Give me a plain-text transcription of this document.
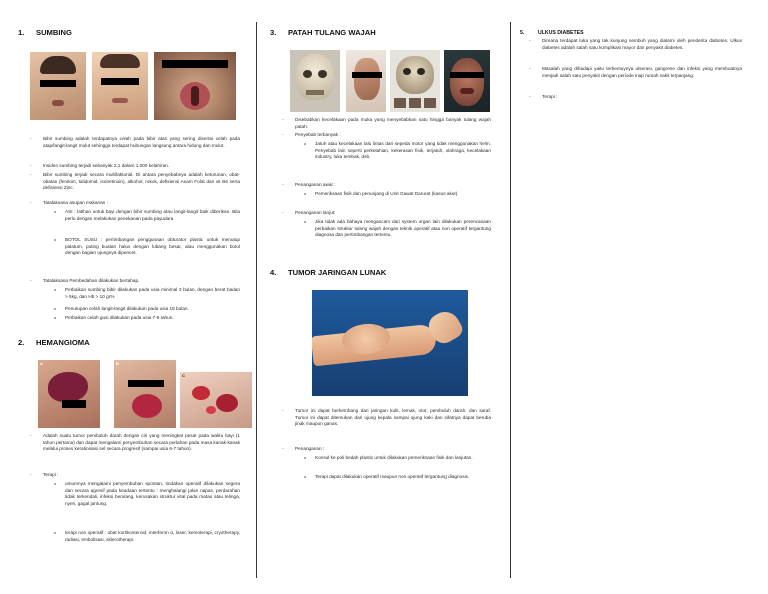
1. SUMBING
- Bibir sumbing adalah terdapatnya celah pada bibir atas yang sering disertai celah pada atap/langit-langit mulut sehingga terdapat hubungan langsung antara hidung dan mulut.
- Insiden sumbing terjadi sebanyak 2,1 dalam 1.000 kelahiran.
- Bibir sumbing terjadi secara multifaktorial. Di antara penyebabnya adalah keturunan, obat-obatan (fenitoin, talidomid, isotretinoin), alkohol, rokok, defisiensi Asam Folat dan vit B6 serta defisiensi Zinc.
- Tatalaksana asupan makanan :
o ASI : latihan untuk bayi dengan bibir sumbing atau langit-langit baik diberikan. Bila perlu dengan melakukan penekanan pada payudara
o BOTOL SUSU : pertimbangan penggunaan obturator plastic untuk menutup palatum, puting buatan halus dengan lubang besar, atau menggunakan botol dengan bagian ujungnya dipencet.
- Tatalaksana Pembedahan dilakukan bertahap.
o Perbaikan sumbing bibir dilakukan pada usia minimal 3 bulan, dengan berat badan > 5kg, dan Hb > 10 gr%
o Penutupan celah langit-langit dilakukan pada usia 18 bulan.
o Perbaikan celah gusi dilakukan pada usia 7-9 tahun.
2. HEMANGIOMA
A	B
C
- Adalah suatu tumor pembuluh darah dengan ciri yang meningkat pesat pada waktu bayi (1 tahun pertama) dan dapat mengalami penyembuhan secara perlahan pada masa kanak-kanak melalui proses keratinisasi sel secara progresif (sampai usia 6-7 tahun).
- Terapi :
o umumnya mengalami penyembuhan spontan, tindakan operatif dilakukan segera dan secara agresif pada keadaan tertentu : menghalangi jalan napas, perdarahan tidak terkendali, infeksi berulang, kerusakan struktur vital pada matau atau telinga, nyeri, gagal jantung.
o terapi non operatif : obat kortikosteroid, interferon α, laser, kemoterapi, cryotherapy, radiasi, embolisasi, sklerotherapi.
3. PATAH TULANG WAJAH
- Disebabkan kecelakaan pada muka yang menyebabkan satu hingga banyak tulang wajah patah.
- Penyebab terbanyak :
o Jatuh atau kecelakaan lalu lintas dari sepeda motor yang tidak menggunakan helm. Penyebab lain seperti perkelahian, kekerasan fisik, terjatuh, olahraga, kecelakaan industry, luka tembak, dsb.
- Penanganan awal :
o Pemeriksaan fisik dan penunjang di Unit Gawat Darurat (kasus akut).
- Penanganan lanjut:
o Jika tidak ada bahaya mengancam dari system organ lain dilakukan perencanaan perbaikan struktur tulang wajah dengan teknik operatif atau non operatif tergantung diagnosa dan pertimbangan tertentu.
4. TUMOR JARINGAN LUNAK
- Tumor ini dapat berkembang dari jaringan kulit, lemak, otot, pembuluh darah, dan saraf. Tumor ini dapat ditemukan dari ujung kepala sampai ujung kaki dan sifatnya dapat beruba jinak maupun ganas.
- Penanganan :
o Konsul ke poli bedah plastic untuk dilakukan pemeriksaan fisik dan lanjutan.
o Terapi dapat dilakukan operatif maupun non operatif tergantung diagnosis.
5.	ULKUS DIABETES
- Dimana terdapat luka yang tak kunjung sembuh yang dialami oleh penderita diabetes. Ulkus diabetes adalah salah satu komplikasi mayor dari penyakit diabetes.
- Masalah yang dihadapi yaitu terbentuynya ulserasi, gangrene dan infeksi yang membuatnya menjadi salah satu penyakit dengan periode inap rumah sakit terpanjang.
- Terapi :
